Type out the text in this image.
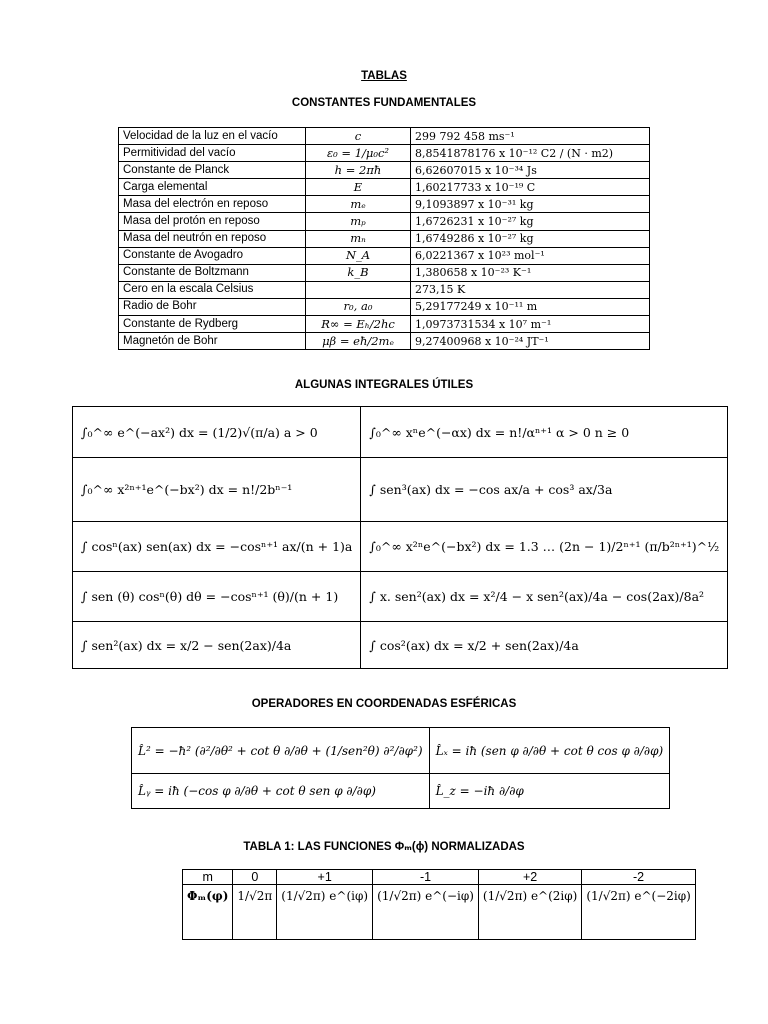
TABLAS
CONSTANTES FUNDAMENTALES
Velocidad de la luz en el vacío	c	299 792 458 ms⁻¹
Permitividad del vacío	ε₀ = 1/μ₀c²	8,8541878176 x 10⁻¹² C2 / (N · m2)
Constante de Planck	h = 2πħ	6,62607015 x 10⁻³⁴ Js
Carga elemental	E	1,60217733 x 10⁻¹⁹ C
Masa del electrón en reposo	mₑ	9,1093897 x 10⁻³¹ kg
Masa del protón en reposo	mₚ	1,6726231 x 10⁻²⁷ kg
Masa del neutrón en reposo	mₙ	1,6749286 x 10⁻²⁷ kg
Constante de Avogadro	N_A	6,0221367 x 10²³ mol⁻¹
Constante de Boltzmann	k_B	1,380658 x 10⁻²³ K⁻¹
Cero en la escala Celsius		273,15 K
Radio de Bohr	r₀, a₀	5,29177249 x 10⁻¹¹ m
Constante de Rydberg	R∞ = Eₕ/2hc	1,0973731534 x 10⁷ m⁻¹
Magnetón de Bohr	μβ = eħ/2mₑ	9,27400968 x 10⁻²⁴ JT⁻¹
ALGUNAS INTEGRALES ÚTILES
∫₀^∞ e^(−ax²) dx = (1/2)√(π/a) a > 0	∫₀^∞ xⁿe^(−αx) dx = n!/αⁿ⁺¹ α > 0 n ≥ 0
∫₀^∞ x²ⁿ⁺¹e^(−bx²) dx = n!/2bⁿ⁻¹	∫ sen³(ax) dx = −cos ax/a + cos³ ax/3a
∫ cosⁿ(ax) sen(ax) dx = −cosⁿ⁺¹ ax/(n + 1)a	∫₀^∞ x²ⁿe^(−bx²) dx = 1.3 … (2n − 1)/2ⁿ⁺¹ (π/b²ⁿ⁺¹)^½
∫ sen (θ) cosⁿ(θ) dθ = −cosⁿ⁺¹ (θ)/(n + 1)	∫ x. sen²(ax) dx = x²/4 − x sen²(ax)/4a − cos(2ax)/8a²
∫ sen²(ax) dx = x/2 − sen(2ax)/4a	∫ cos²(ax) dx = x/2 + sen(2ax)/4a
OPERADORES EN COORDENADAS ESFÉRICAS
L̂² = −ħ² (∂²/∂θ² + cot θ ∂/∂θ + (1/sen²θ) ∂²/∂φ²)	L̂ₓ = iħ (sen φ ∂/∂θ + cot θ cos φ ∂/∂φ)
L̂ᵧ = iħ (−cos φ ∂/∂θ + cot θ sen φ ∂/∂φ)	L̂_z = −iħ ∂/∂φ
TABLA 1: LAS FUNCIONES Φₘ(ϕ) NORMALIZADAS
m	0	+1	-1	+2	-2
Φₘ(φ)	1/√2π	(1/√2π) e^(iφ)	(1/√2π) e^(−iφ)	(1/√2π) e^(2iφ)	(1/√2π) e^(−2iφ)
